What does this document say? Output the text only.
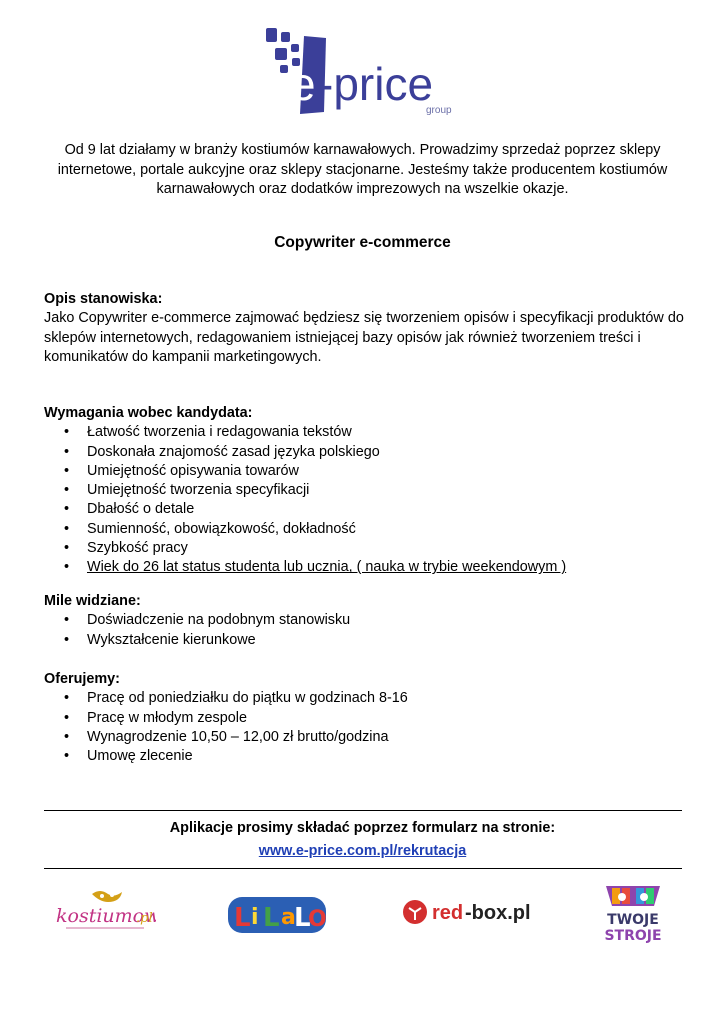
e -price
group
Od 9 lat działamy w branży kostiumów karnawałowych. Prowadzimy sprzedaż poprzez sklepy internetowe, portale aukcyjne oraz sklepy stacjonarne. Jesteśmy także producentem kostiumów karnawałowych oraz dodatków imprezowych na wszelkie okazje.
Copywriter e-commerce
Opis stanowiska:

Jako Copywriter e-commerce zajmować będziesz się tworzeniem opisów i specyfikacji produktów do sklepów internetowych, redagowaniem istniejącej bazy opisów jak również tworzeniem treści i komunikatów do kampanii marketingowych.

Wymagania wobec kandydata:
• Łatwość tworzenia i redagowania tekstów
• Doskonała znajomość zasad języka polskiego
• Umiejętność opisywania towarów
• Umiejętność tworzenia specyfikacji
• Dbałość o detale
• Sumienność, obowiązkowość, dokładność
• Szybkość pracy
• Wiek do 26 lat status studenta lub ucznia, ( nauka w trybie weekendowym )
Mile widziane:
• Doświadczenie na podobnym stanowisku
• Wykształcenie kierunkowe
Oferujemy:
• Pracę od poniedziałku do piątku w godzinach 8-16
• Pracę w młodym zespole
• Wynagrodzenie 10,50 – 12,00 zł brutto/godzina
• Umowę zlecenie
Aplikacje prosimy składać poprzez formularz na stronie:
www.e-price.com.pl/rekrutacja
kostiumo
.pl	L i L a
L
O	red -box.pl	TWOJE
STROJE
